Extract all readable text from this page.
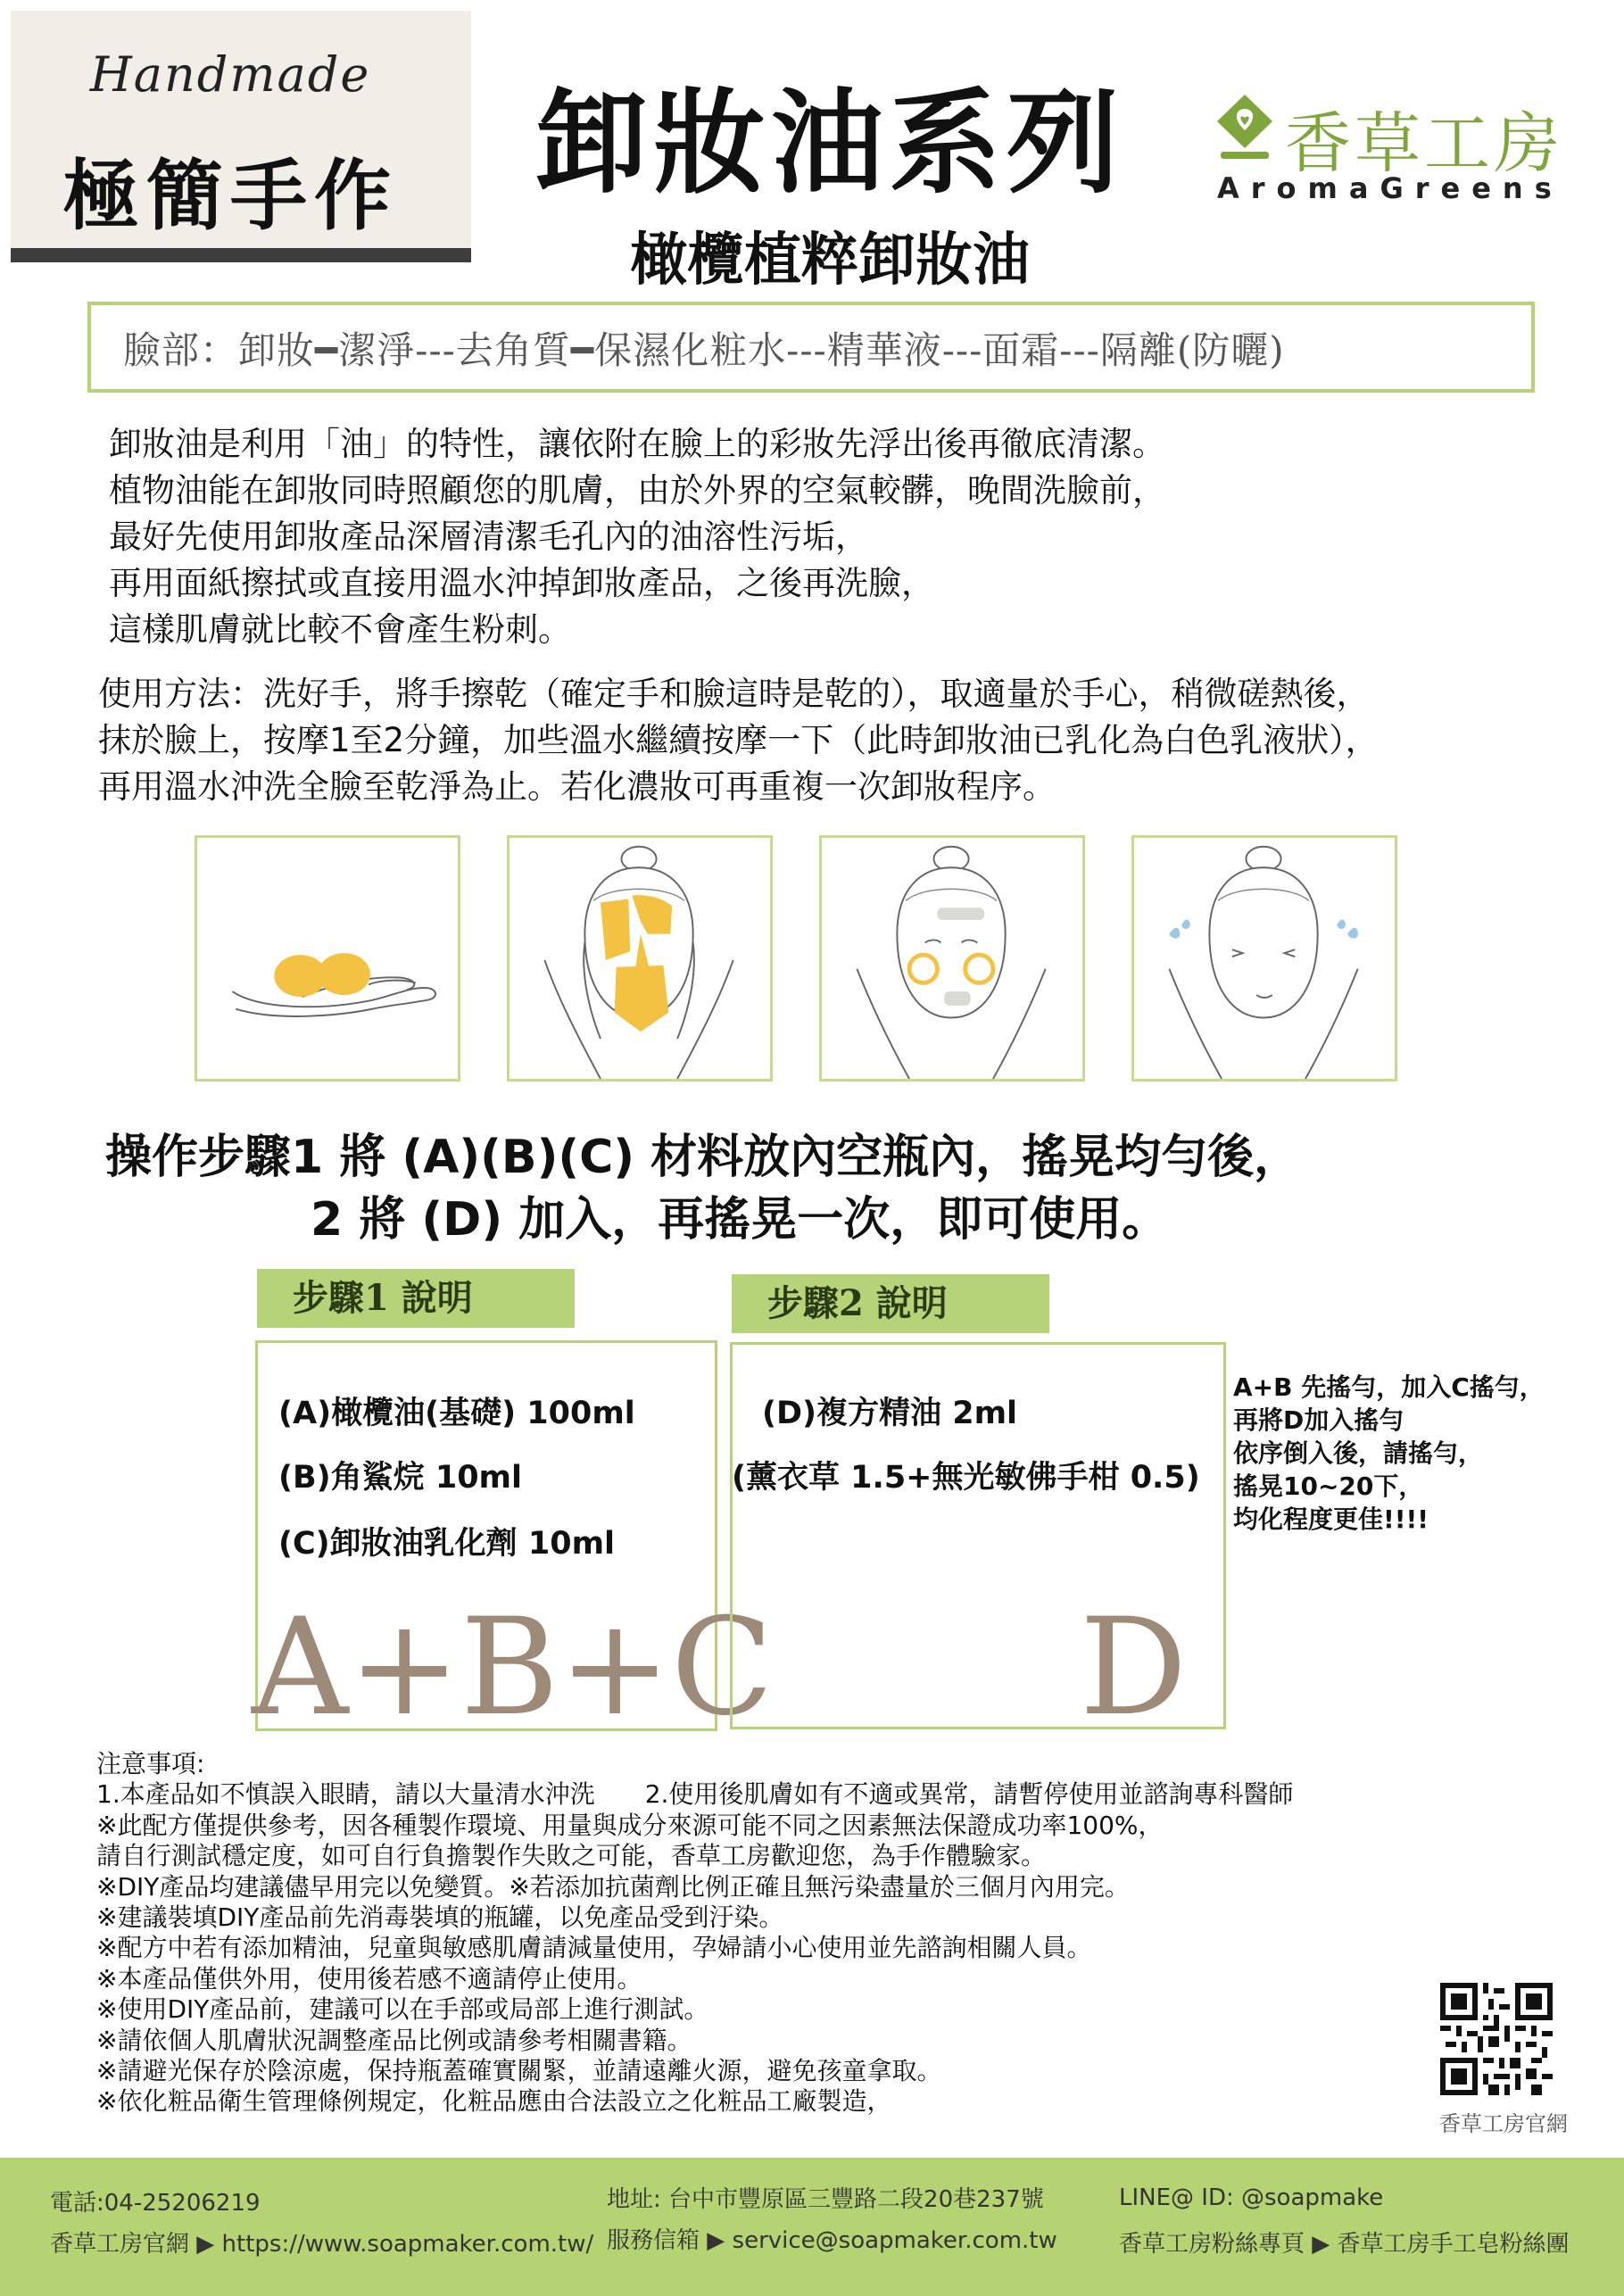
Handmade
極簡手作	卸妝油系列
橄欖植粹卸妝油
香草工房
AromaGreens
臉部：卸妝━潔淨---去角質━保濕化粧水---精華液---面霜---隔離(防曬)

卸妝油是利用「油」的特性，讓依附在臉上的彩妝先浮出後再徹底清潔。

植物油能在卸妝同時照顧您的肌膚，由於外界的空氣較髒，晚間洗臉前，

最好先使用卸妝產品深層清潔毛孔內的油溶性污垢，

再用面紙擦拭或直接用溫水沖掉卸妝產品，之後再洗臉，

這樣肌膚就比較不會產生粉刺。

使用方法：洗好手，將手擦乾（確定手和臉這時是乾的），取適量於手心，稍微磋熱後，

抹於臉上，按摩1至2分鐘，加些溫水繼續按摩一下（此時卸妝油已乳化為白色乳液狀），

再用溫水沖洗全臉至乾淨為止。若化濃妝可再重複一次卸妝程序。

操作步驟1 將 (A)(B)(C) 材料放內空瓶內，搖晃均勻後，
2 將 (D) 加入，再搖晃一次，即可使用。
步驟1 說明	步驟2 說明
(A)橄欖油(基礎) 100ml
(B)角鯊烷 10ml
(C)卸妝油乳化劑 10ml
A+B+C
(D)複方精油 2ml
(薰衣草 1.5+無光敏佛手柑 0.5)
D

A+B 先搖勻，加入C搖勻，

再將D加入搖勻

依序倒入後，請搖勻，

搖晃10~20下，

均化程度更佳!!!!

注意事項:

1.本產品如不慎誤入眼睛，請以大量清水沖洗　　2.使用後肌膚如有不適或異常，請暫停使用並諮詢專科醫師

※此配方僅提供參考，因各種製作環境、用量與成分來源可能不同之因素無法保證成功率100%，

請自行測試穩定度，如可自行負擔製作失敗之可能，香草工房歡迎您，為手作體驗家。

※DIY產品均建議儘早用完以免變質。※若添加抗菌劑比例正確且無污染盡量於三個月內用完。

※建議裝填DIY產品前先消毒裝填的瓶罐，以免產品受到汙染。

※配方中若有添加精油，兒童與敏感肌膚請減量使用，孕婦請小心使用並先諮詢相關人員。

※本產品僅供外用，使用後若感不適請停止使用。

※使用DIY產品前，建議可以在手部或局部上進行測試。

※請依個人肌膚狀況調整產品比例或請參考相關書籍。

※請避光保存於陰涼處，保持瓶蓋確實關緊，並請遠離火源，避免孩童拿取。

※依化粧品衛生管理條例規定，化粧品應由合法設立之化粧品工廠製造，

香草工房官網

電話:04-25206219

香草工房官網 ▶ https://www.soapmaker.com.tw/

地址: 台中市豐原區三豐路二段20巷237號

服務信箱 ▶ service@soapmaker.com.tw

LINE@ ID: @soapmake

香草工房粉絲專頁 ▶ 香草工房手工皂粉絲團
